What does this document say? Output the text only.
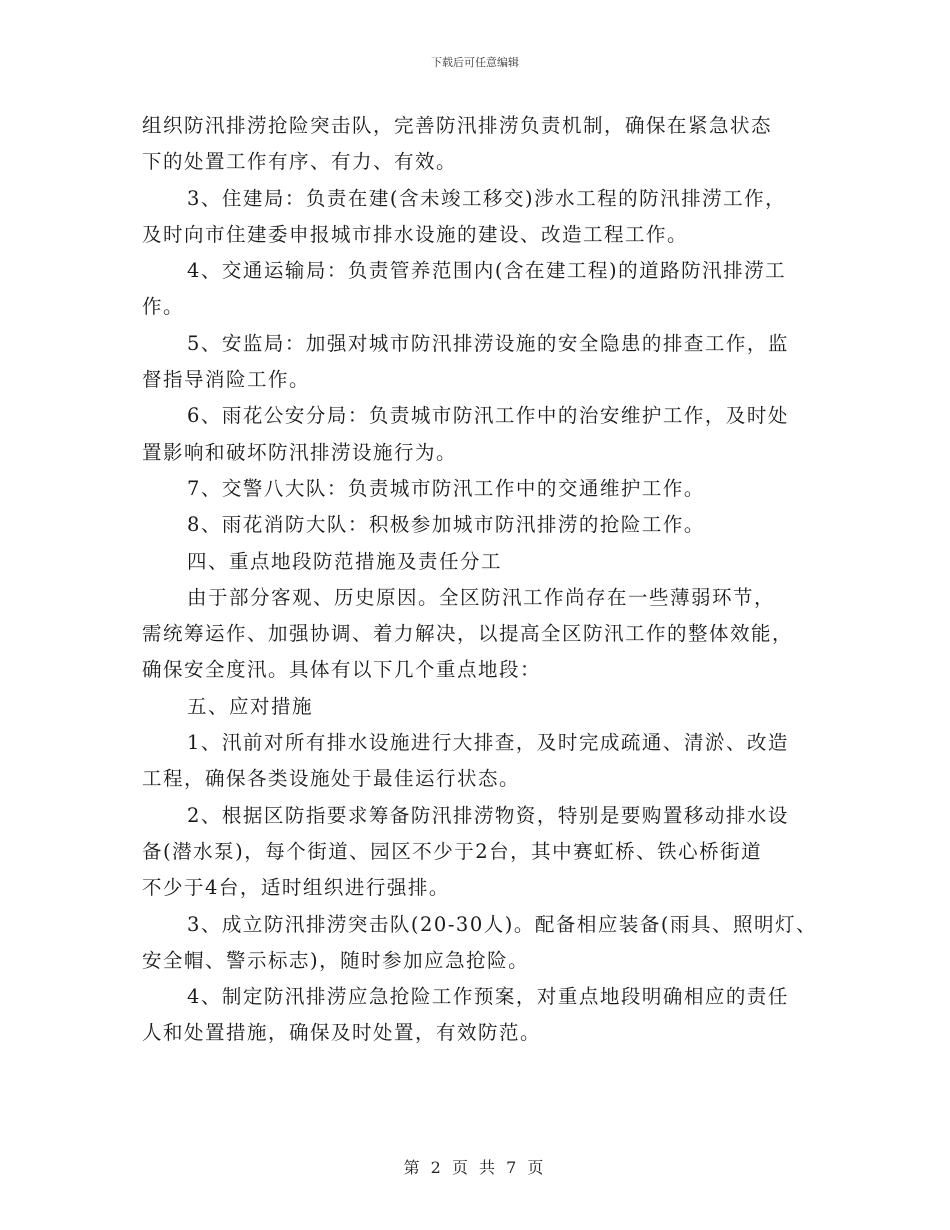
下载后可任意编辑
组织防汛排涝抢险突击队，完善防汛排涝负责机制，确保在紧急状态
下的处置工作有序、有力、有效。
3、住建局：负责在建(含未竣工移交)涉水工程的防汛排涝工作，
及时向市住建委申报城市排水设施的建设、改造工程工作。
4、交通运输局：负责管养范围内(含在建工程)的道路防汛排涝工
作。
5、安监局：加强对城市防汛排涝设施的安全隐患的排查工作，监
督指导消险工作。
6、雨花公安分局：负责城市防汛工作中的治安维护工作，及时处
置影响和破坏防汛排涝设施行为。
7、交警八大队：负责城市防汛工作中的交通维护工作。
8、雨花消防大队：积极参加城市防汛排涝的抢险工作。
四、重点地段防范措施及责任分工
由于部分客观、历史原因。全区防汛工作尚存在一些薄弱环节，
需统筹运作、加强协调、着力解决，以提高全区防汛工作的整体效能，
确保安全度汛。具体有以下几个重点地段：
五、应对措施
1、汛前对所有排水设施进行大排查，及时完成疏通、清淤、改造
工程，确保各类设施处于最佳运行状态。
2、根据区防指要求筹备防汛排涝物资，特别是要购置移动排水设
备(潜水泵)，每个街道、园区不少于2台，其中赛虹桥、铁心桥街道
不少于4台，适时组织进行强排。
3、成立防汛排涝突击队(20-30人)。配备相应装备(雨具、照明灯、
安全帽、警示标志)，随时参加应急抢险。
4、制定防汛排涝应急抢险工作预案，对重点地段明确相应的责任
人和处置措施，确保及时处置，有效防范。
第 2 页 共 7 页
